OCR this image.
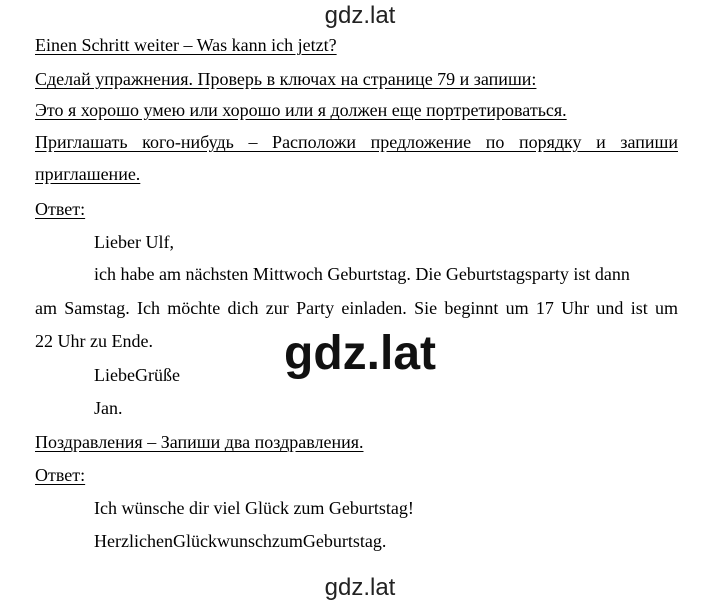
gdz.lat
Einen Schritt weiter – Was kann ich jetzt?
Сделай упражнения. Проверь в ключах на странице 79 и запиши:
Это я хорошо умею или хорошо или я должен еще портретироваться.
Приглашать кого-нибудь – Расположи предложение по порядку и запиши
приглашение.
Ответ:
Lieber Ulf,
ich habe am nächsten Mittwoch Geburtstag. Die Geburtstagsparty ist dann
am Samstag. Ich möchte dich zur Party einladen. Sie beginnt um 17 Uhr und ist um
22 Uhr zu Ende.	gdz.lat
LiebeGrüße
Jan.
Поздравления – Запиши два поздравления.
Ответ:
Ich wünsche dir viel Glück zum Geburtstag!
HerzlichenGlückwunschzumGeburtstag.
gdz.lat
